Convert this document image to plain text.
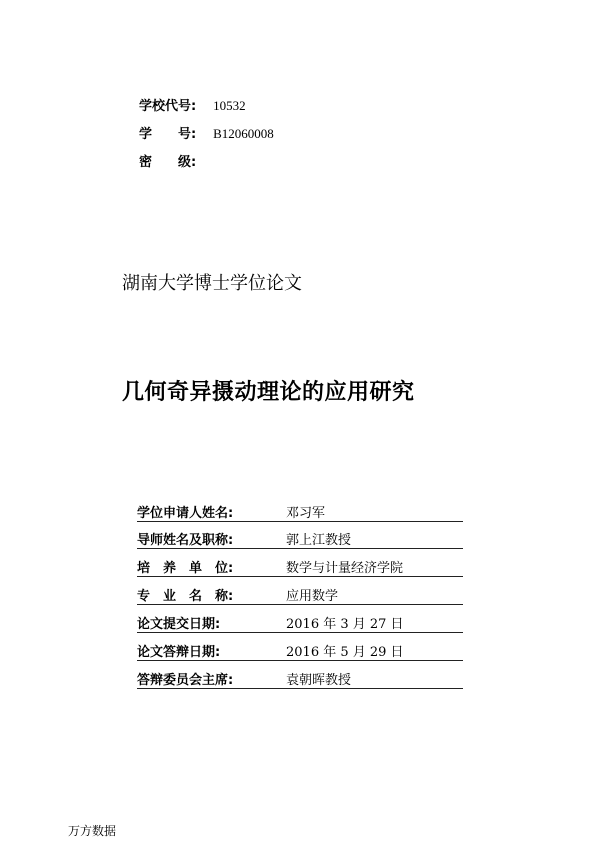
学校代号: 10532
学　　号: B12060008
密　　级:
湖南大学博士学位论文
几何奇异摄动理论的应用研究
学位申请人姓名:	邓习军
导师姓名及职称:	郭上江教授
培　养　单　位:	数学与计量经济学院
专　业　名　称:	应用数学
论文提交日期:	2016 年 3 月 27 日
论文答辩日期:	2016 年 5 月 29 日
答辩委员会主席:	袁朝晖教授
万方数据
